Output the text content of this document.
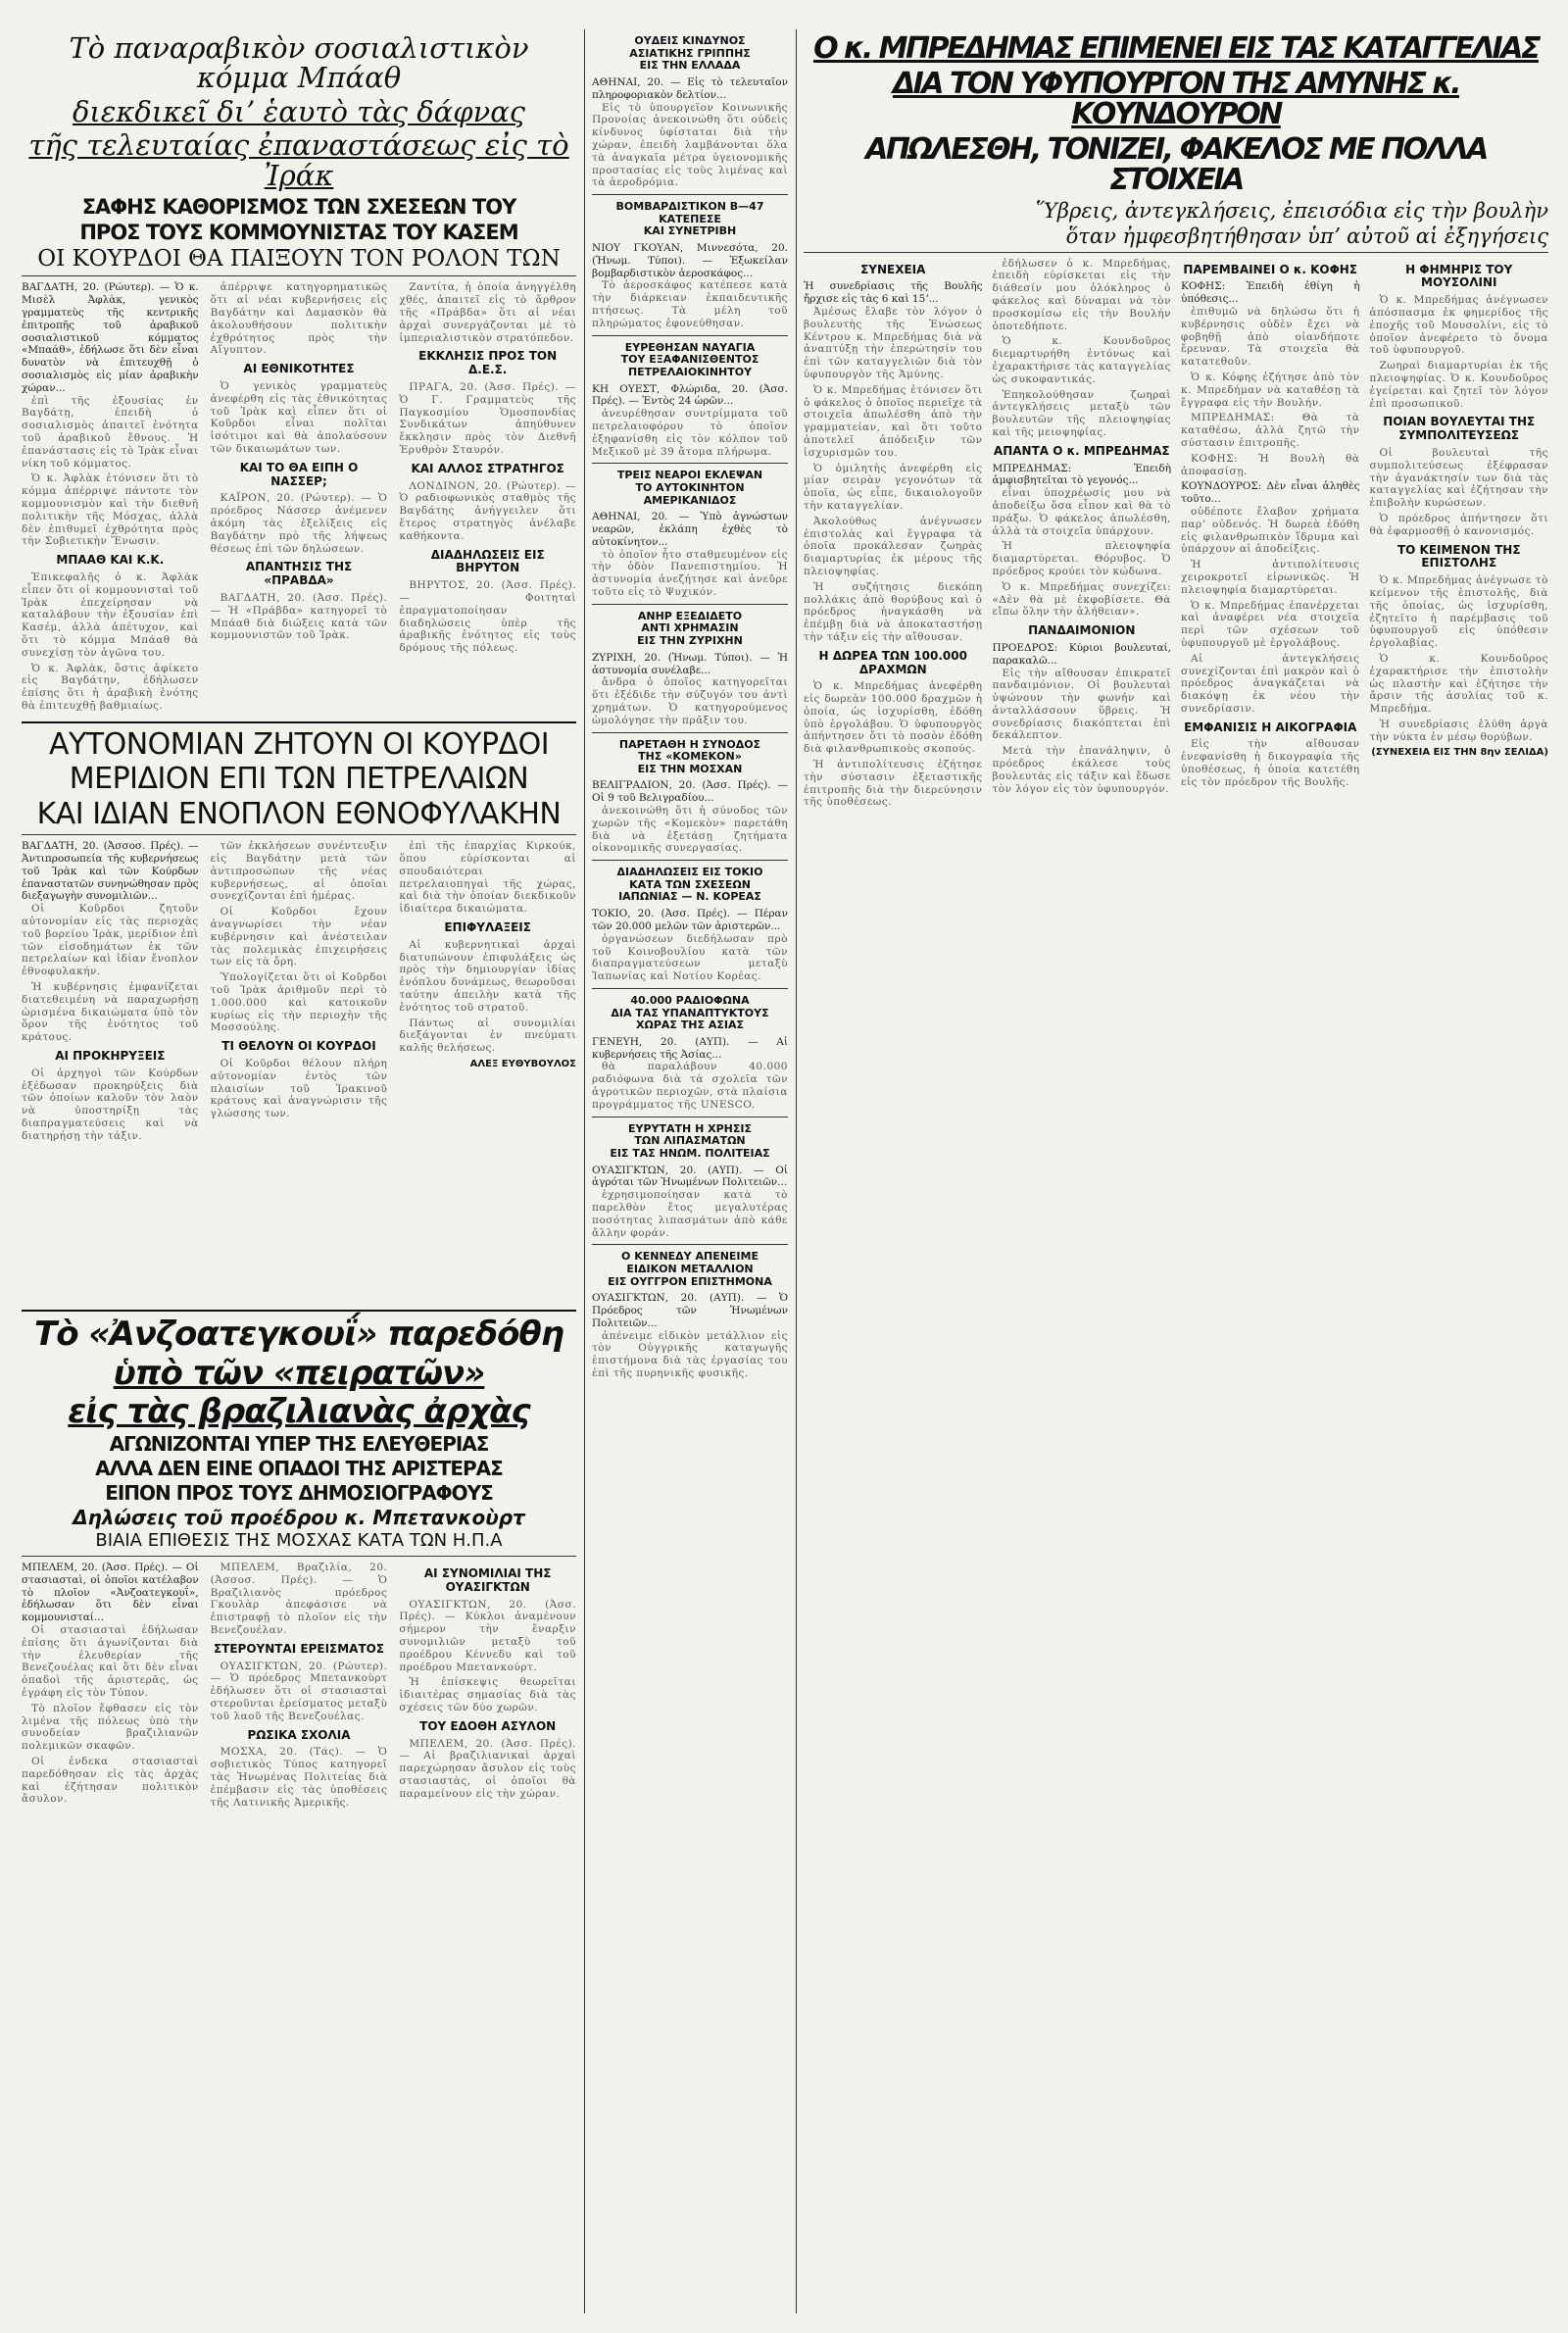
Τὸ παναραβικὸν σοσιαλιστικὸν κόμμα Μπάαθ
διεκδικεῖ διʼ ἑαυτὸ τὰς δάφνας
τῆς τελευταίας ἐπαναστάσεως εἰς τὸ Ἰράκ
ΣΑΦΗΣ ΚΑΘΟΡΙΣΜΟΣ ΤΩΝ ΣΧΕΣΕΩΝ ΤΟΥ
ΠΡΟΣ ΤΟΥΣ ΚΟΜΜΟΥΝΙΣΤΑΣ ΤΟΥ ΚΑΣΕΜ
ΟΙ ΚΟΥΡΔΟΙ ΘΑ ΠΑΙΞΟΥΝ ΤΟΝ ΡΟΛΟΝ ΤΩΝ

ΒΑΓΔΑΤΗ, 20. (Ρώυτερ). — Ὁ κ. Μισὲλ Ἀφλὰκ, γενικὸς γραμματεὺς τῆς κεντρικῆς ἐπιτροπῆς τοῦ ἀραβικοῦ σοσιαλιστικοῦ κόμματος «Μπαάθ», ἐδήλωσε ὅτι δὲν εἶναι δυνατὸν νὰ ἐπιτευχθῇ ὁ σοσιαλισμὸς εἰς μίαν ἀραβικὴν χώραν...

ἐπὶ τῆς ἐξουσίας ἐν Βαγδάτῃ, ἐπειδὴ ὁ σοσιαλισμὸς ἀπαιτεῖ ἑνότητα τοῦ ἀραβικοῦ ἔθνους. Ἡ ἐπανάστασις εἰς τὸ Ἰρὰκ εἶναι νίκη τοῦ κόμματος.

Ὁ κ. Ἀφλὰκ ἐτόνισεν ὅτι τὸ κόμμα ἀπέρριψε πάντοτε τὸν κομμουνισμὸν καὶ τὴν διεθνῆ πολιτικὴν τῆς Μόσχας, ἀλλὰ δὲν ἐπιθυμεῖ ἐχθρότητα πρὸς τὴν Σοβιετικὴν Ἕνωσιν.

ΜΠΑΑΘ ΚΑΙ Κ.Κ.

Ἐπικεφαλῆς ὁ κ. Ἀφλὰκ εἶπεν ὅτι οἱ κομμουνισταὶ τοῦ Ἰρὰκ ἐπεχείρησαν νὰ καταλάβουν τὴν ἐξουσίαν ἐπὶ Κασέμ, ἀλλὰ ἀπέτυχον, καὶ ὅτι τὸ κόμμα Μπάαθ θὰ συνεχίσῃ τὸν ἀγῶνα του.

Ὁ κ. Ἀφλὰκ, ὅστις ἀφίκετο εἰς Βαγδάτην, ἐδήλωσεν ἐπίσης ὅτι ἡ ἀραβικὴ ἑνότης θὰ ἐπιτευχθῇ βαθμιαίως.

ἀπέρριψε κατηγορηματικῶς ὅτι αἱ νέαι κυβερνήσεις εἰς Βαγδάτην καὶ Δαμασκὸν θὰ ἀκολουθήσουν πολιτικὴν ἐχθρότητος πρὸς τὴν Αἴγυπτον.

ΑΙ ΕΘΝΙΚΟΤΗΤΕΣ

Ὁ γενικὸς γραμματεὺς ἀνεφέρθη εἰς τὰς ἐθνικότητας τοῦ Ἰρὰκ καὶ εἶπεν ὅτι οἱ Κοῦρδοι εἶναι πολῖται ἰσότιμοι καὶ θὰ ἀπολαύσουν τῶν δικαιωμάτων των.

ΚΑΙ ΤΟ ΘΑ ΕΙΠΗ Ο ΝΑΣΣΕΡ;

ΚΑΪΡΟΝ, 20. (Ρώυτερ). — Ὁ πρόεδρος Νάσσερ ἀνέμενεν ἀκόμη τὰς ἐξελίξεις εἰς Βαγδάτην πρὸ τῆς λήψεως θέσεως ἐπὶ τῶν δηλώσεων.

ΑΠΑΝΤΗΣΙΣ ΤΗΣ «ΠΡΑΒΔΑ»

ΒΑΓΔΑΤΗ, 20. (Ἀσσ. Πρές). — Ἡ «Πράβδα» κατηγορεῖ τὸ Μπάαθ διὰ διώξεις κατὰ τῶν κομμουνιστῶν τοῦ Ἰρὰκ.

Ζαντίτα, ἡ ὁποία ἀνηγγέλθη χθές, ἀπαιτεῖ εἰς τὸ ἄρθρον τῆς «Πράβδα» ὅτι αἱ νέαι ἀρχαὶ συνεργάζονται μὲ τὸ ἰμπεριαλιστικὸν στρατόπεδον.

ΕΚΚΛΗΣΙΣ ΠΡΟΣ ΤΟΝ Δ.Ε.Σ.

ΠΡΑΓΑ, 20. (Ἀσσ. Πρές). — Ὁ Γ. Γραμματεὺς τῆς Παγκοσμίου Ὁμοσπονδίας Συνδικάτων ἀπηύθυνεν ἔκκλησιν πρὸς τὸν Διεθνῆ Ἐρυθρὸν Σταυρόν.

ΚΑΙ ΑΛΛΟΣ ΣΤΡΑΤΗΓΟΣ

ΛΟΝΔΙΝΟΝ, 20. (Ρώυτερ). — Ὁ ραδιοφωνικὸς σταθμὸς τῆς Βαγδάτης ἀνήγγειλεν ὅτι ἕτερος στρατηγὸς ἀνέλαβε καθήκοντα.

ΔΙΑΔΗΛΩΣΕΙΣ ΕΙΣ ΒΗΡΥΤΟΝ

ΒΗΡΥΤΟΣ, 20. (Ἀσσ. Πρές). — Φοιτηταὶ ἐπραγματοποίησαν διαδηλώσεις ὑπὲρ τῆς ἀραβικῆς ἑνότητος εἰς τοὺς δρόμους τῆς πόλεως.

ΑΥΤΟΝΟΜΙΑΝ ΖΗΤΟΥΝ ΟΙ ΚΟΥΡΔΟΙ
ΜΕΡΙΔΙΟΝ ΕΠΙ ΤΩΝ ΠΕΤΡΕΛΑΙΩΝ
ΚΑΙ ΙΔΙΑΝ ΕΝΟΠΛΟΝ ΕΘΝΟΦΥΛΑΚΗΝ

ΒΑΓΔΑΤΗ, 20. (Ἀσσοσ. Πρές). — Ἀντιπροσωπεία τῆς κυβερνήσεως τοῦ Ἰρὰκ καὶ τῶν Κούρδων ἐπαναστατῶν συνηνώθησαν πρὸς διεξαγωγὴν συνομιλιῶν...

Οἱ Κοῦρδοι ζητοῦν αὐτονομίαν εἰς τὰς περιοχὰς τοῦ βορείου Ἰρὰκ, μερίδιον ἐπὶ τῶν εἰσοδημάτων ἐκ τῶν πετρελαίων καὶ ἰδίαν ἔνοπλον ἐθνοφυλακήν.

Ἡ κυβέρνησις ἐμφανίζεται διατεθειμένη νὰ παραχωρήσῃ ὡρισμένα δικαιώματα ὑπὸ τὸν ὅρον τῆς ἑνότητος τοῦ κράτους.

ΑΙ ΠΡΟΚΗΡΥΞΕΙΣ

Οἱ ἀρχηγοὶ τῶν Κούρδων ἐξέδωσαν προκηρύξεις διὰ τῶν ὁποίων καλοῦν τὸν λαὸν νὰ ὑποστηρίξῃ τὰς διαπραγματεύσεις καὶ νὰ διατηρήσῃ τὴν τάξιν.

τῶν ἐκκλήσεων συνέντευξιν εἰς Βαγδάτην μετὰ τῶν ἀντιπροσώπων τῆς νέας κυβερνήσεως, αἱ ὁποῖαι συνεχίζονται ἐπὶ ἡμέρας.

Οἱ Κοῦρδοι ἔχουν ἀναγνωρίσει τὴν νέαν κυβέρνησιν καὶ ἀνέστειλαν τὰς πολεμικὰς ἐπιχειρήσεις των εἰς τὰ ὄρη.

Ὑπολογίζεται ὅτι οἱ Κοῦρδοι τοῦ Ἰρὰκ ἀριθμοῦν περὶ τὸ 1.000.000 καὶ κατοικοῦν κυρίως εἰς τὴν περιοχὴν τῆς Μοσσούλης.

ΤΙ ΘΕΛΟΥΝ ΟΙ ΚΟΥΡΔΟΙ

Οἱ Κοῦρδοι θέλουν πλήρη αὐτονομίαν ἐντὸς τῶν πλαισίων τοῦ Ἰρακινοῦ κράτους καὶ ἀναγνώρισιν τῆς γλώσσης των.

ἐπὶ τῆς ἐπαρχίας Κιρκούκ, ὅπου εὑρίσκονται αἱ σπουδαιότεραι πετρελαιοπηγαὶ τῆς χώρας, καὶ διὰ τὴν ὁποίαν διεκδικοῦν ἰδιαίτερα δικαιώματα.

ΕΠΙΦΥΛΑΞΕΙΣ

Αἱ κυβερνητικαὶ ἀρχαὶ διατυπώνουν ἐπιφυλάξεις ὡς πρὸς τὴν δημιουργίαν ἰδίας ἐνόπλου δυνάμεως, θεωροῦσαι ταύτην ἀπειλὴν κατὰ τῆς ἑνότητος τοῦ στρατοῦ.

Πάντως αἱ συνομιλίαι διεξάγονται ἐν πνεύματι καλῆς θελήσεως.

ΑΛΕΞ ΕΥΘΥΒΟΥΛΟΣ
Τὸ «Ἀνζοατεγκουΐ» παρεδόθη
ὑπὸ τῶν «πειρατῶν»
εἰς τὰς βραζιλιανὰς ἀρχὰς
ΑΓΩΝΙΖΟΝΤΑΙ ΥΠΕΡ ΤΗΣ ΕΛΕΥΘΕΡΙΑΣ
ΑΛΛΑ ΔΕΝ ΕΙΝΕ ΟΠΑΔΟΙ ΤΗΣ ΑΡΙΣΤΕΡΑΣ
ΕΙΠΟΝ ΠΡΟΣ ΤΟΥΣ ΔΗΜΟΣΙΟΓΡΑΦΟΥΣ
Δηλώσεις τοῦ προέδρου κ. Μπετανκοὺρτ
ΒΙΑΙΑ ΕΠΙΘΕΣΙΣ ΤΗΣ ΜΟΣΧΑΣ ΚΑΤΑ ΤΩΝ Η.Π.Α

ΜΠΕΛΕΜ, 20. (Ἀσσ. Πρές). — Οἱ στασιασταὶ, οἱ ὁποῖοι κατέλαβον τὸ πλοῖον «Ἀνζοατεγκουΐ», ἐδήλωσαν ὅτι δὲν εἶναι κομμουνισταί...

Οἱ στασιασταὶ ἐδήλωσαν ἐπίσης ὅτι ἀγωνίζονται διὰ τὴν ἐλευθερίαν τῆς Βενεζουέλας καὶ ὅτι δὲν εἶναι ὀπαδοὶ τῆς ἀριστερᾶς, ὡς ἐγράφη εἰς τὸν Τύπον.

Τὸ πλοῖον ἔφθασεν εἰς τὸν λιμένα τῆς πόλεως ὑπὸ τὴν συνοδείαν βραζιλιανῶν πολεμικῶν σκαφῶν.

Οἱ ἐνδεκα στασιασταὶ παρεδόθησαν εἰς τὰς ἀρχὰς καὶ ἐζήτησαν πολιτικὸν ἄσυλον.

ΜΠΕΛΕΜ, Βραζιλία, 20. (Ἀσσοσ. Πρές). — Ὁ Βραζιλιανὸς πρόεδρος Γκουλὰρ ἀπεφάσισε νὰ ἐπιστραφῇ τὸ πλοῖον εἰς τὴν Βενεζουέλαν.

ΣΤΕΡΟΥΝΤΑΙ ΕΡΕΙΣΜΑΤΟΣ

ΟΥΑΣΙΓΚΤΩΝ, 20. (Ρώυτερ). — Ὁ πρόεδρος Μπετανκοὺρτ ἐδήλωσεν ὅτι οἱ στασιασταὶ στεροῦνται ἐρείσματος μεταξὺ τοῦ λαοῦ τῆς Βενεζουέλας.

ΡΩΣΙΚΑ ΣΧΟΛΙΑ

ΜΟΣΧΑ, 20. (Τάς). — Ὁ σοβιετικὸς Τύπος κατηγορεῖ τὰς Ἡνωμένας Πολιτείας διὰ ἐπέμβασιν εἰς τὰς ὑποθέσεις τῆς Λατινικῆς Ἀμερικῆς.

ΑΙ ΣΥΝΟΜΙΛΙΑΙ ΤΗΣ ΟΥΑΣΙΓΚΤΩΝ

ΟΥΑΣΙΓΚΤΩΝ, 20. (Ἀσσ. Πρές). — Κύκλοι ἀναμένουν σήμερον τὴν ἔναρξιν συνομιλιῶν μεταξὺ τοῦ προέδρου Κέννεδυ καὶ τοῦ προέδρου Μπετανκούρτ.

Ἡ ἐπίσκεψις θεωρεῖται ἰδιαιτέρας σημασίας διὰ τὰς σχέσεις τῶν δύο χωρῶν.

ΤΟΥ ΕΔΟΘΗ ΑΣΥΛΟΝ

ΜΠΕΛΕΜ, 20. (Ἀσσ. Πρές). — Αἱ βραζιλιανικαὶ ἀρχαὶ παρεχώρησαν ἄσυλον εἰς τοὺς στασιαστὰς, οἱ ὁποῖοι θὰ παραμείνουν εἰς τὴν χώραν.

ΟΥΔΕΙΣ ΚΙΝΔΥΝΟΣ
ΑΣΙΑΤΙΚΗΣ ΓΡΙΠΠΗΣ
ΕΙΣ ΤΗΝ ΕΛΛΑΔΑ

ΑΘΗΝΑΙ, 20. — Εἰς τὸ τελευταῖον πληροφοριακὸν δελτίον...

Εἰς τὸ ὑπουργεῖον Κοινωνικῆς Προνοίας ἀνεκοινώθη ὅτι οὐδεὶς κίνδυνος ὑφίσταται διὰ τὴν χώραν, ἐπειδὴ λαμβάνονται ὅλα τὰ ἀναγκαῖα μέτρα ὑγειονομικῆς προστασίας εἰς τοὺς λιμένας καὶ τὰ ἀεροδρόμια.

ΒΟΜΒΑΡΔΙΣΤΙΚΟΝ Β—47
ΚΑΤΕΠΕΣΕ
ΚΑΙ ΣΥΝΕΤΡΙΒΗ

ΝΙΟΥ ΓΚΟΥΑΝ, Μιννεσότα, 20. (Ἡνωμ. Τύποι). — Ἐξωκείλαν βομβαρδιστικὸν ἀεροσκάφος...

Τὸ ἀεροσκάφος κατέπεσε κατὰ τὴν διάρκειαν ἐκπαιδευτικῆς πτήσεως. Τὰ μέλη τοῦ πληρώματος ἐφονεύθησαν.

ΕΥΡΕΘΗΣΑΝ ΝΑΥΑΓΙΑ
ΤΟΥ ΕΞΑΦΑΝΙΣΘΕΝΤΟΣ
ΠΕΤΡΕΛΑΙΟΚΙΝΗΤΟΥ

ΚΗ ΟΥΕΣΤ, Φλώριδα, 20. (Ἀσσ. Πρές). — Ἐντὸς 24 ὡρῶν...

ἀνευρέθησαν συντρίμματα τοῦ πετρελαιοφόρου τὸ ὁποῖον ἐξηφανίσθη εἰς τὸν κόλπον τοῦ Μεξικοῦ μὲ 39 ἄτομα πλήρωμα.

ΤΡΕΙΣ ΝΕΑΡΟΙ ΕΚΛΕΨΑΝ
ΤΟ ΑΥΤΟΚΙΝΗΤΟΝ
ΑΜΕΡΙΚΑΝΙΔΟΣ

ΑΘΗΝΑΙ, 20. — Ὑπὸ ἀγνώστων νεαρῶν, ἐκλάπη ἐχθὲς τὸ αὐτοκίνητον...

τὸ ὁποῖον ἦτο σταθμευμένον εἰς τὴν ὁδὸν Πανεπιστημίου. Ἡ ἀστυνομία ἀνεζήτησε καὶ ἀνεῦρε τοῦτο εἰς τὸ Ψυχικόν.

ΑΝΗΡ ΕΞΕΔΙΔΕΤΟ
ΑΝΤΙ ΧΡΗΜΑΣΙΝ
ΕΙΣ ΤΗΝ ΖΥΡΙΧΗΝ

ΖΥΡΙΧΗ, 20. (Ἡνωμ. Τύποι). — Ἡ ἀστυνομία συνέλαβε...

ἄνδρα ὁ ὁποῖος κατηγορεῖται ὅτι ἐξέδιδε τὴν σύζυγόν του ἀντὶ χρημάτων. Ὁ κατηγορούμενος ὡμολόγησε τὴν πρᾶξιν του.

ΠΑΡΕΤΑΘΗ Η ΣΥΝΟΔΟΣ
ΤΗΣ «ΚΟΜΕΚΟΝ»
ΕΙΣ ΤΗΝ ΜΟΣΧΑΝ

ΒΕΛΙΓΡΑΔΙΟΝ, 20. (Ἀσσ. Πρές). — Οἱ 9 τοῦ Βελιγραδίου...

ἀνεκοινώθη ὅτι ἡ σύνοδος τῶν χωρῶν τῆς «Κομεκὸν» παρετάθη διὰ νὰ ἐξετάσῃ ζητήματα οἰκονομικῆς συνεργασίας.

ΔΙΑΔΗΛΩΣΕΙΣ ΕΙΣ ΤΟΚΙΟ
ΚΑΤΑ ΤΩΝ ΣΧΕΣΕΩΝ
ΙΑΠΩΝΙΑΣ — Ν. ΚΟΡΕΑΣ

ΤΟΚΙΟ, 20. (Ἀσσ. Πρές). — Πέραν τῶν 20.000 μελῶν τῶν ἀριστερῶν...

ὀργανώσεων διεδήλωσαν πρὸ τοῦ Κοινοβουλίου κατὰ τῶν διαπραγματεύσεων μεταξὺ Ἰαπωνίας καὶ Νοτίου Κορέας.

40.000 ΡΑΔΙΟΦΩΝΑ
ΔΙΑ ΤΑΣ ΥΠΑΝΑΠΤΥΚΤΟΥΣ
ΧΩΡΑΣ ΤΗΣ ΑΣΙΑΣ

ΓΕΝΕΥΗ, 20. (ΑΥΠ). — Αἱ κυβερνήσεις τῆς Ἀσίας...

θὰ παραλάβουν 40.000 ραδιόφωνα διὰ τὰ σχολεῖα τῶν ἀγροτικῶν περιοχῶν, στὰ πλαίσια προγράμματος τῆς UNESCO.

ΕΥΡΥΤΑΤΗ Η ΧΡΗΣΙΣ
ΤΩΝ ΛΙΠΑΣΜΑΤΩΝ
ΕΙΣ ΤΑΣ ΗΝΩΜ. ΠΟΛΙΤΕΙΑΣ

ΟΥΑΣΙΓΚΤΩΝ, 20. (ΑΥΠ). — Οἱ ἀγρόται τῶν Ἡνωμένων Πολιτειῶν...

ἐχρησιμοποίησαν κατὰ τὸ παρελθὸν ἔτος μεγαλυτέρας ποσότητας λιπασμάτων ἀπὸ κάθε ἄλλην φοράν.

Ο ΚΕΝΝΕΔΥ ΑΠΕΝΕΙΜΕ
ΕΙΔΙΚΟΝ ΜΕΤΑΛΛΙΟΝ
ΕΙΣ ΟΥΓΓΡΟΝ ΕΠΙΣΤΗΜΟΝΑ

ΟΥΑΣΙΓΚΤΩΝ, 20. (ΑΥΠ). — Ὁ Πρόεδρος τῶν Ἡνωμένων Πολιτειῶν...

ἀπένειμε εἰδικὸν μετάλλιον εἰς τὸν Οὐγγρικῆς καταγωγῆς ἐπιστήμονα διὰ τὰς ἐργασίας του ἐπὶ τῆς πυρηνικῆς φυσικῆς.

Ο κ. ΜΠΡΕΔΗΜΑΣ ΕΠΙΜΕΝΕΙ ΕΙΣ ΤΑΣ ΚΑΤΑΓΓΕΛΙΑΣ
ΔΙΑ ΤΟΝ ΥΦΥΠΟΥΡΓΟΝ ΤΗΣ ΑΜΥΝΗΣ κ. ΚΟΥΝΔΟΥΡΟΝ
ΑΠΩΛΕΣΘΗ, ΤΟΝΙΖΕΙ, ΦΑΚΕΛΟΣ ΜΕ ΠΟΛΛΑ ΣΤΟΙΧΕΙΑ
Ὕβρεις, ἀντεγκλήσεις, ἐπεισόδια εἰς τὴν βουλὴν
ὅταν ἠμφεσβητήθησαν ὑπʼ αὐτοῦ αἱ ἐξηγήσεις
ΣΥΝΕΧΕΙΑ

Ἡ συνεδρίασις τῆς Βουλῆς ἤρχισε εἰς τὰς 6 καὶ 15ʼ...

Ἀμέσως ἔλαβε τὸν λόγον ὁ βουλευτὴς τῆς Ἑνώσεως Κέντρου κ. Μπρεδήμας διὰ νὰ ἀναπτύξῃ τὴν ἐπερώτησίν του ἐπὶ τῶν καταγγελιῶν διὰ τὸν ὑφυπουργὸν τῆς Ἀμύνης.

Ὁ κ. Μπρεδήμας ἐτόνισεν ὅτι ὁ φάκελος ὁ ὁποῖος περιεῖχε τὰ στοιχεῖα ἀπωλέσθη ἀπὸ τὴν γραμματείαν, καὶ ὅτι τοῦτο ἀποτελεῖ ἀπόδειξιν τῶν ἰσχυρισμῶν του.

Ὁ ὁμιλητὴς ἀνεφέρθη εἰς μίαν σειρὰν γεγονότων τὰ ὁποῖα, ὡς εἶπε, δικαιολογοῦν τὴν καταγγελίαν.

Ἀκολούθως ἀνέγνωσεν ἐπιστολὰς καὶ ἔγγραφα τὰ ὁποῖα προκάλεσαν ζωηρὰς διαμαρτυρίας ἐκ μέρους τῆς πλειοψηφίας.

Ἡ συζήτησις διεκόπη πολλάκις ἀπὸ θορύβους καὶ ὁ πρόεδρος ἠναγκάσθη νὰ ἐπέμβῃ διὰ νὰ ἀποκαταστήσῃ τὴν τάξιν εἰς τὴν αἴθουσαν.

Η ΔΩΡΕΑ ΤΩΝ 100.000 ΔΡΑΧΜΩΝ

Ὁ κ. Μπρεδήμας ἀνεφέρθη εἰς δωρεὰν 100.000 δραχμῶν ἡ ὁποία, ὡς ἰσχυρίσθη, ἐδόθη ὑπὸ ἐργολάβου. Ὁ ὑφυπουργὸς ἀπήντησεν ὅτι τὸ ποσὸν ἐδόθη διὰ φιλανθρωπικοὺς σκοπούς.

Ἡ ἀντιπολίτευσις ἐζήτησε τὴν σύστασιν ἐξεταστικῆς ἐπιτροπῆς διὰ τὴν διερεύνησιν τῆς ὑποθέσεως.

ἐδήλωσεν ὁ κ. Μπρεδήμας, ἐπειδὴ εὑρίσκεται εἰς τὴν διάθεσίν μου ὁλόκληρος ὁ φάκελος καὶ δύναμαι νὰ τὸν προσκομίσω εἰς τὴν Βουλήν ὁποτεδήποτε.

Ὁ κ. Κουνδοῦρος διεμαρτυρήθη ἐντόνως καὶ ἐχαρακτήρισε τὰς καταγγελίας ὡς συκοφαντικάς.

Ἐπηκολούθησαν ζωηραὶ ἀντεγκλήσεις μεταξὺ τῶν βουλευτῶν τῆς πλειοψηφίας καὶ τῆς μειοψηφίας.

ΑΠΑΝΤΑ Ο κ. ΜΠΡΕΔΗΜΑΣ

ΜΠΡΕΔΗΜΑΣ: Ἐπειδὴ ἀμφισβητεῖται τὸ γεγονός...

εἶναι ὑποχρέωσίς μου νὰ ἀποδείξω ὅσα εἶπον καὶ θὰ τὸ πράξω. Ὁ φάκελος ἀπωλέσθη, ἀλλὰ τὰ στοιχεῖα ὑπάρχουν.

Ἡ πλειοψηφία διαμαρτύρεται. Θόρυβος. Ὁ πρόεδρος κρούει τὸν κώδωνα.

Ὁ κ. Μπρεδήμας συνεχίζει: «Δὲν θὰ μὲ ἐκφοβίσετε. Θὰ εἴπω ὅλην τὴν ἀλήθειαν».

ΠΑΝΔΑΙΜΟΝΙΟΝ

ΠΡΟΕΔΡΟΣ: Κύριοι βουλευταί, παρακαλῶ...

Εἰς τὴν αἴθουσαν ἐπικρατεῖ πανδαιμόνιον. Οἱ βουλευταὶ ὑψώνουν τὴν φωνήν καὶ ἀνταλλάσσουν ὕβρεις. Ἡ συνεδρίασις διακόπτεται ἐπὶ δεκάλεπτον.

Μετὰ τὴν ἐπανάληψιν, ὁ πρόεδρος ἐκάλεσε τοὺς βουλευτὰς εἰς τάξιν καὶ ἔδωσε τὸν λόγον εἰς τὸν ὑφυπουργόν.

ΠΑΡΕΜΒΑΙΝΕΙ Ο κ. ΚΟΦΗΣ

ΚΟΦΗΣ: Ἐπειδὴ ἐθίγη ἡ ὑπόθεσις...

ἐπιθυμῶ νὰ δηλώσω ὅτι ἡ κυβέρνησις οὐδὲν ἔχει νὰ φοβηθῇ ἀπὸ οἱανδήποτε ἔρευναν. Τὰ στοιχεῖα θὰ κατατεθοῦν.

Ὁ κ. Κόφης ἐζήτησε ἀπὸ τὸν κ. Μπρεδήμαν νὰ καταθέσῃ τὰ ἔγγραφα εἰς τὴν Βουλήν.

ΜΠΡΕΔΗΜΑΣ: Θὰ τὰ καταθέσω, ἀλλὰ ζητῶ τὴν σύστασιν ἐπιτροπῆς.

ΚΟΦΗΣ: Ἡ Βουλὴ θὰ ἀποφασίσῃ.

ΚΟΥΝΔΟΥΡΟΣ: Δὲν εἶναι ἀληθὲς τοῦτο...

οὐδέποτε ἔλαβον χρήματα παρʼ οὐδενός. Ἡ δωρεὰ ἐδόθη εἰς φιλανθρωπικὸν ἵδρυμα καὶ ὑπάρχουν αἱ ἀποδείξεις.

Ἡ ἀντιπολίτευσις χειροκροτεῖ εἰρωνικῶς. Ἡ πλειοψηφία διαμαρτύρεται.

Ὁ κ. Μπρεδήμας ἐπανέρχεται καὶ ἀναφέρει νέα στοιχεῖα περὶ τῶν σχέσεων τοῦ ὑφυπουργοῦ μὲ ἐργολάβους.

Αἱ ἀντεγκλήσεις συνεχίζονται ἐπὶ μακρὸν καὶ ὁ πρόεδρος ἀναγκάζεται νὰ διακόψῃ ἐκ νέου τὴν συνεδρίασιν.

ΕΜΦΑΝΙΣΙΣ Η ΑΙΚΟΓΡΑΦΙΑ

Εἰς τὴν αἴθουσαν ἐνεφανίσθη ἡ δικογραφία τῆς ὑποθέσεως, ἡ ὁποία κατετέθη εἰς τὸν πρόεδρον τῆς Βουλῆς.

Η ΦΗΜΗΡΙΣ ΤΟΥ ΜΟΥΣΟΛΙΝΙ

Ὁ κ. Μπρεδήμας ἀνέγνωσεν ἀπόσπασμα ἐκ φημερίδος τῆς ἐποχῆς τοῦ Μουσολίνι, εἰς τὸ ὁποῖον ἀνεφέρετο τὸ ὄνομα τοῦ ὑφυπουργοῦ.

Ζωηραὶ διαμαρτυρίαι ἐκ τῆς πλειοψηφίας. Ὁ κ. Κουνδοῦρος ἐγείρεται καὶ ζητεῖ τὸν λόγον ἐπὶ προσωπικοῦ.

ΠΟΙΑΝ ΒΟΥΛΕΥΤΑΙ ΤΗΣ ΣΥΜΠΟΛΙΤΕΥΣΕΩΣ

Οἱ βουλευταὶ τῆς συμπολιτεύσεως ἐξέφρασαν τὴν ἀγανάκτησίν των διὰ τὰς καταγγελίας καὶ ἐζήτησαν τὴν ἐπιβολὴν κυρώσεων.

Ὁ πρόεδρος ἀπήντησεν ὅτι θὰ ἐφαρμοσθῇ ὁ κανονισμός.

ΤΟ ΚΕΙΜΕΝΟΝ ΤΗΣ ΕΠΙΣΤΟΛΗΣ

Ὁ κ. Μπρεδήμας ἀνέγνωσε τὸ κείμενον τῆς ἐπιστολῆς, διὰ τῆς ὁποίας, ὡς ἰσχυρίσθη, ἐζητεῖτο ἡ παρέμβασις τοῦ ὑφυπουργοῦ εἰς ὑπόθεσιν ἐργολαβίας.

Ὁ κ. Κουνδοῦρος ἐχαρακτήρισε τὴν ἐπιστολὴν ὡς πλαστὴν καὶ ἐζήτησε τὴν ἄρσιν τῆς ἀσυλίας τοῦ κ. Μπρεδήμα.

Ἡ συνεδρίασις ἐλύθη ἀργὰ τὴν νύκτα ἐν μέσῳ θορύβων.

(ΣΥΝΕΧΕΙΑ ΕΙΣ ΤΗΝ 8ην ΣΕΛΙΔΑ)
